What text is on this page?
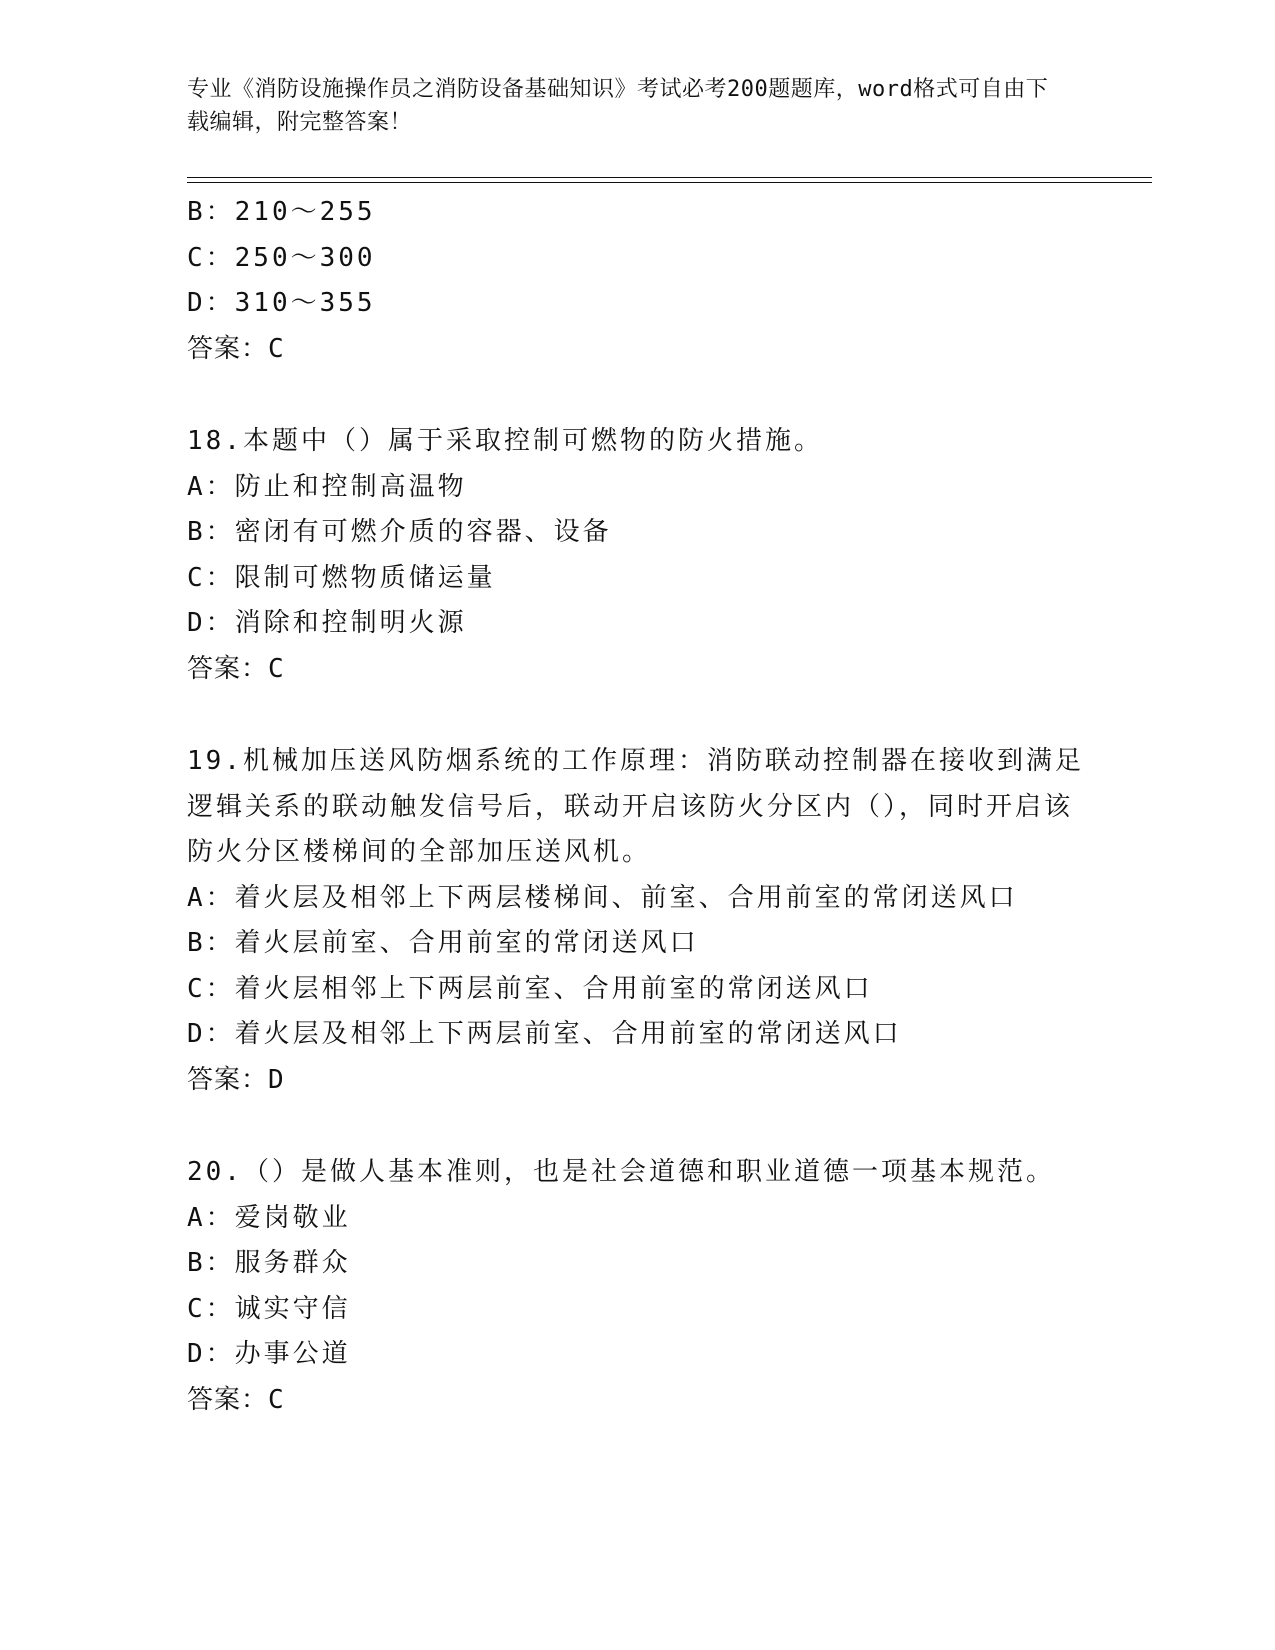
专业《消防设施操作员之消防设备基础知识》考试必考200题题库，word格式可自由下载编辑，附完整答案！
B：210～255
C：250～300
D：310～355
答案：C
18.本题中（）属于采取控制可燃物的防火措施。
A：防止和控制高温物
B：密闭有可燃介质的容器、设备
C：限制可燃物质储运量
D：消除和控制明火源
答案：C
19.机械加压送风防烟系统的工作原理：消防联动控制器在接收到满足逻辑关系的联动触发信号后，联动开启该防火分区内（），同时开启该防火分区楼梯间的全部加压送风机。
A：着火层及相邻上下两层楼梯间、前室、合用前室的常闭送风口
B：着火层前室、合用前室的常闭送风口
C：着火层相邻上下两层前室、合用前室的常闭送风口
D：着火层及相邻上下两层前室、合用前室的常闭送风口
答案：D
20.（）是做人基本准则，也是社会道德和职业道德一项基本规范。
A：爱岗敬业
B：服务群众
C：诚实守信
D：办事公道
答案：C
